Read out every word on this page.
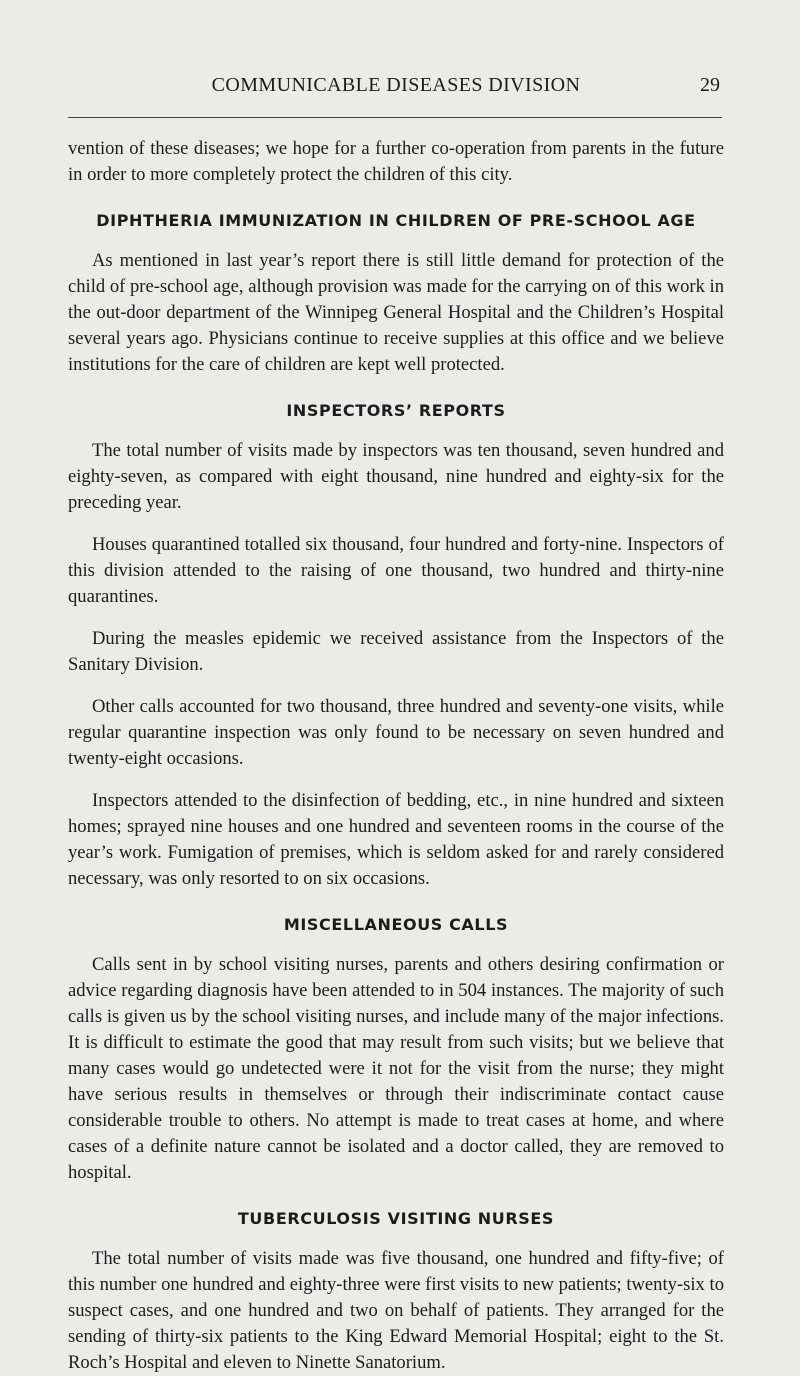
COMMUNICABLE DISEASES DIVISION	29

vention of these diseases; we hope for a further co-operation from parents in the future in order to more completely protect the children of this city.

DIPHTHERIA IMMUNIZATION IN CHILDREN OF PRE-SCHOOL AGE

As mentioned in last year’s report there is still little demand for protection of the child of pre-school age, although provision was made for the carrying on of this work in the out-door department of the Winnipeg General Hospital and the Children’s Hospital several years ago. Physicians continue to receive supplies at this office and we believe institutions for the care of children are kept well protected.

INSPECTORS’ REPORTS

The total number of visits made by inspectors was ten thousand, seven hundred and eighty-seven, as compared with eight thousand, nine hundred and eighty-six for the preceding year.

Houses quarantined totalled six thousand, four hundred and forty-nine. Inspectors of this division attended to the raising of one thousand, two hundred and thirty-nine quarantines.

During the measles epidemic we received assistance from the Inspectors of the Sanitary Division.

Other calls accounted for two thousand, three hundred and seventy-one visits, while regular quarantine inspection was only found to be necessary on seven hundred and twenty-eight occasions.

Inspectors attended to the disinfection of bedding, etc., in nine hundred and sixteen homes; sprayed nine houses and one hundred and seventeen rooms in the course of the year’s work. Fumigation of premises, which is seldom asked for and rarely considered necessary, was only resorted to on six occasions.

MISCELLANEOUS CALLS

Calls sent in by school visiting nurses, parents and others desiring confirmation or advice regarding diagnosis have been attended to in 504 instances. The majority of such calls is given us by the school visiting nurses, and include many of the major infections. It is difficult to estimate the good that may result from such visits; but we believe that many cases would go undetected were it not for the visit from the nurse; they might have serious results in themselves or through their indiscriminate contact cause considerable trouble to others. No attempt is made to treat cases at home, and where cases of a definite nature cannot be isolated and a doctor called, they are removed to hospital.

TUBERCULOSIS VISITING NURSES

The total number of visits made was five thousand, one hundred and fifty-five; of this number one hundred and eighty-three were first visits to new patients; twenty-six to suspect cases, and one hundred and two on behalf of patients. They arranged for the sending of thirty-six patients to the King Edward Memorial Hospital; eight to the St. Roch’s Hospital and eleven to Ninette Sanatorium.
